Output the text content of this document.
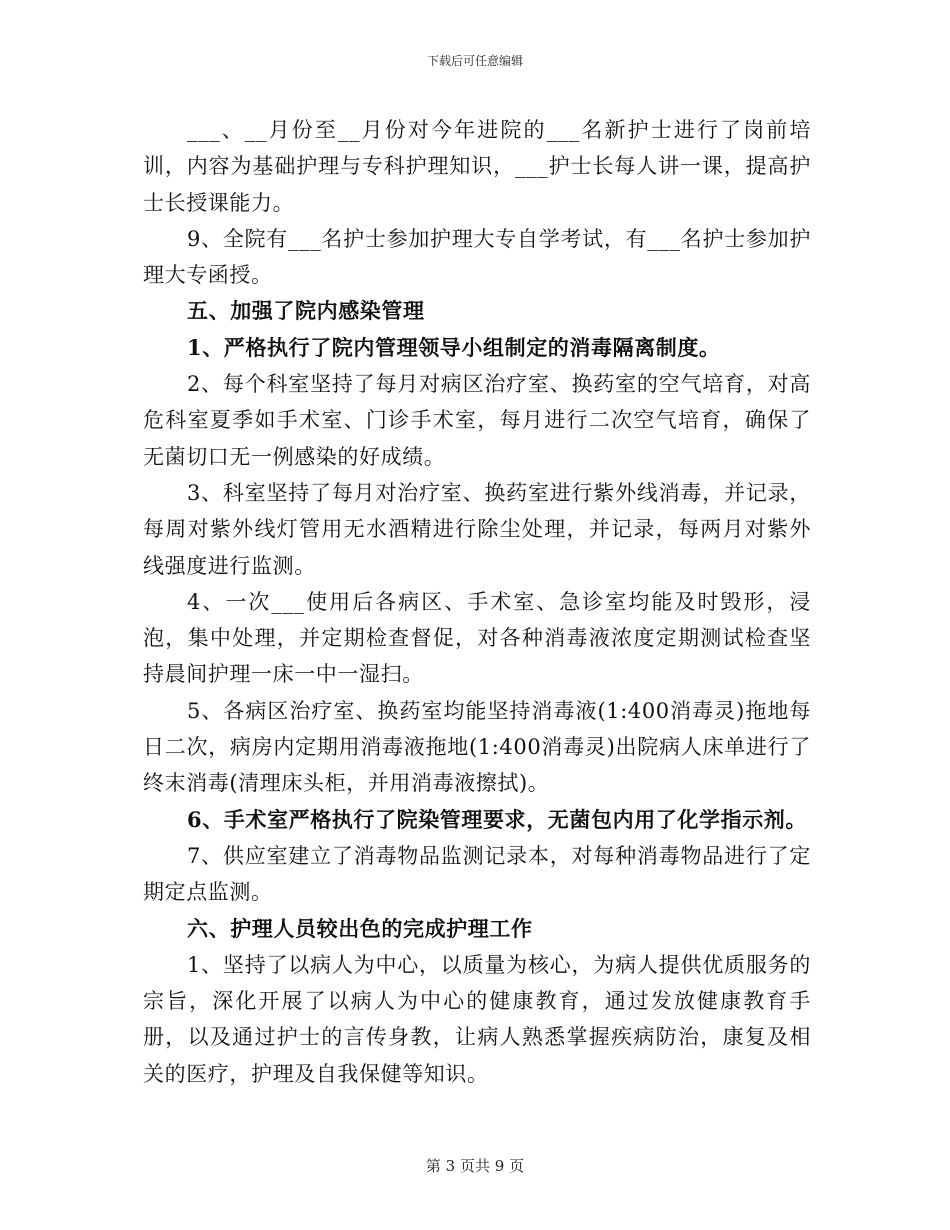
下载后可任意编辑

___、__月份至__月份对今年进院的___名新护士进行了岗前培训，内容为基础护理与专科护理知识，___护士长每人讲一课，提高护士长授课能力。

9、全院有___名护士参加护理大专自学考试，有___名护士参加护理大专函授。

五、加强了院内感染管理

1、严格执行了院内管理领导小组制定的消毒隔离制度。

2、每个科室坚持了每月对病区治疗室、换药室的空气培育，对高危科室夏季如手术室、门诊手术室，每月进行二次空气培育，确保了无菌切口无一例感染的好成绩。

3、科室坚持了每月对治疗室、换药室进行紫外线消毒，并记录，每周对紫外线灯管用无水酒精进行除尘处理，并记录，每两月对紫外线强度进行监测。

4、一次___使用后各病区、手术室、急诊室均能及时毁形，浸泡，集中处理，并定期检查督促，对各种消毒液浓度定期测试检查坚持晨间护理一床一中一湿扫。

5、各病区治疗室、换药室均能坚持消毒液(1:400消毒灵)拖地每日二次，病房内定期用消毒液拖地(1:400消毒灵)出院病人床单进行了终末消毒(清理床头柜，并用消毒液擦拭)。

6、手术室严格执行了院染管理要求，无菌包内用了化学指示剂。

7、供应室建立了消毒物品监测记录本，对每种消毒物品进行了定期定点监测。

六、护理人员较出色的完成护理工作

1、坚持了以病人为中心，以质量为核心，为病人提供优质服务的宗旨，深化开展了以病人为中心的健康教育，通过发放健康教育手册，以及通过护士的言传身教，让病人熟悉掌握疾病防治，康复及相关的医疗，护理及自我保健等知识。

第 3 页共 9 页
